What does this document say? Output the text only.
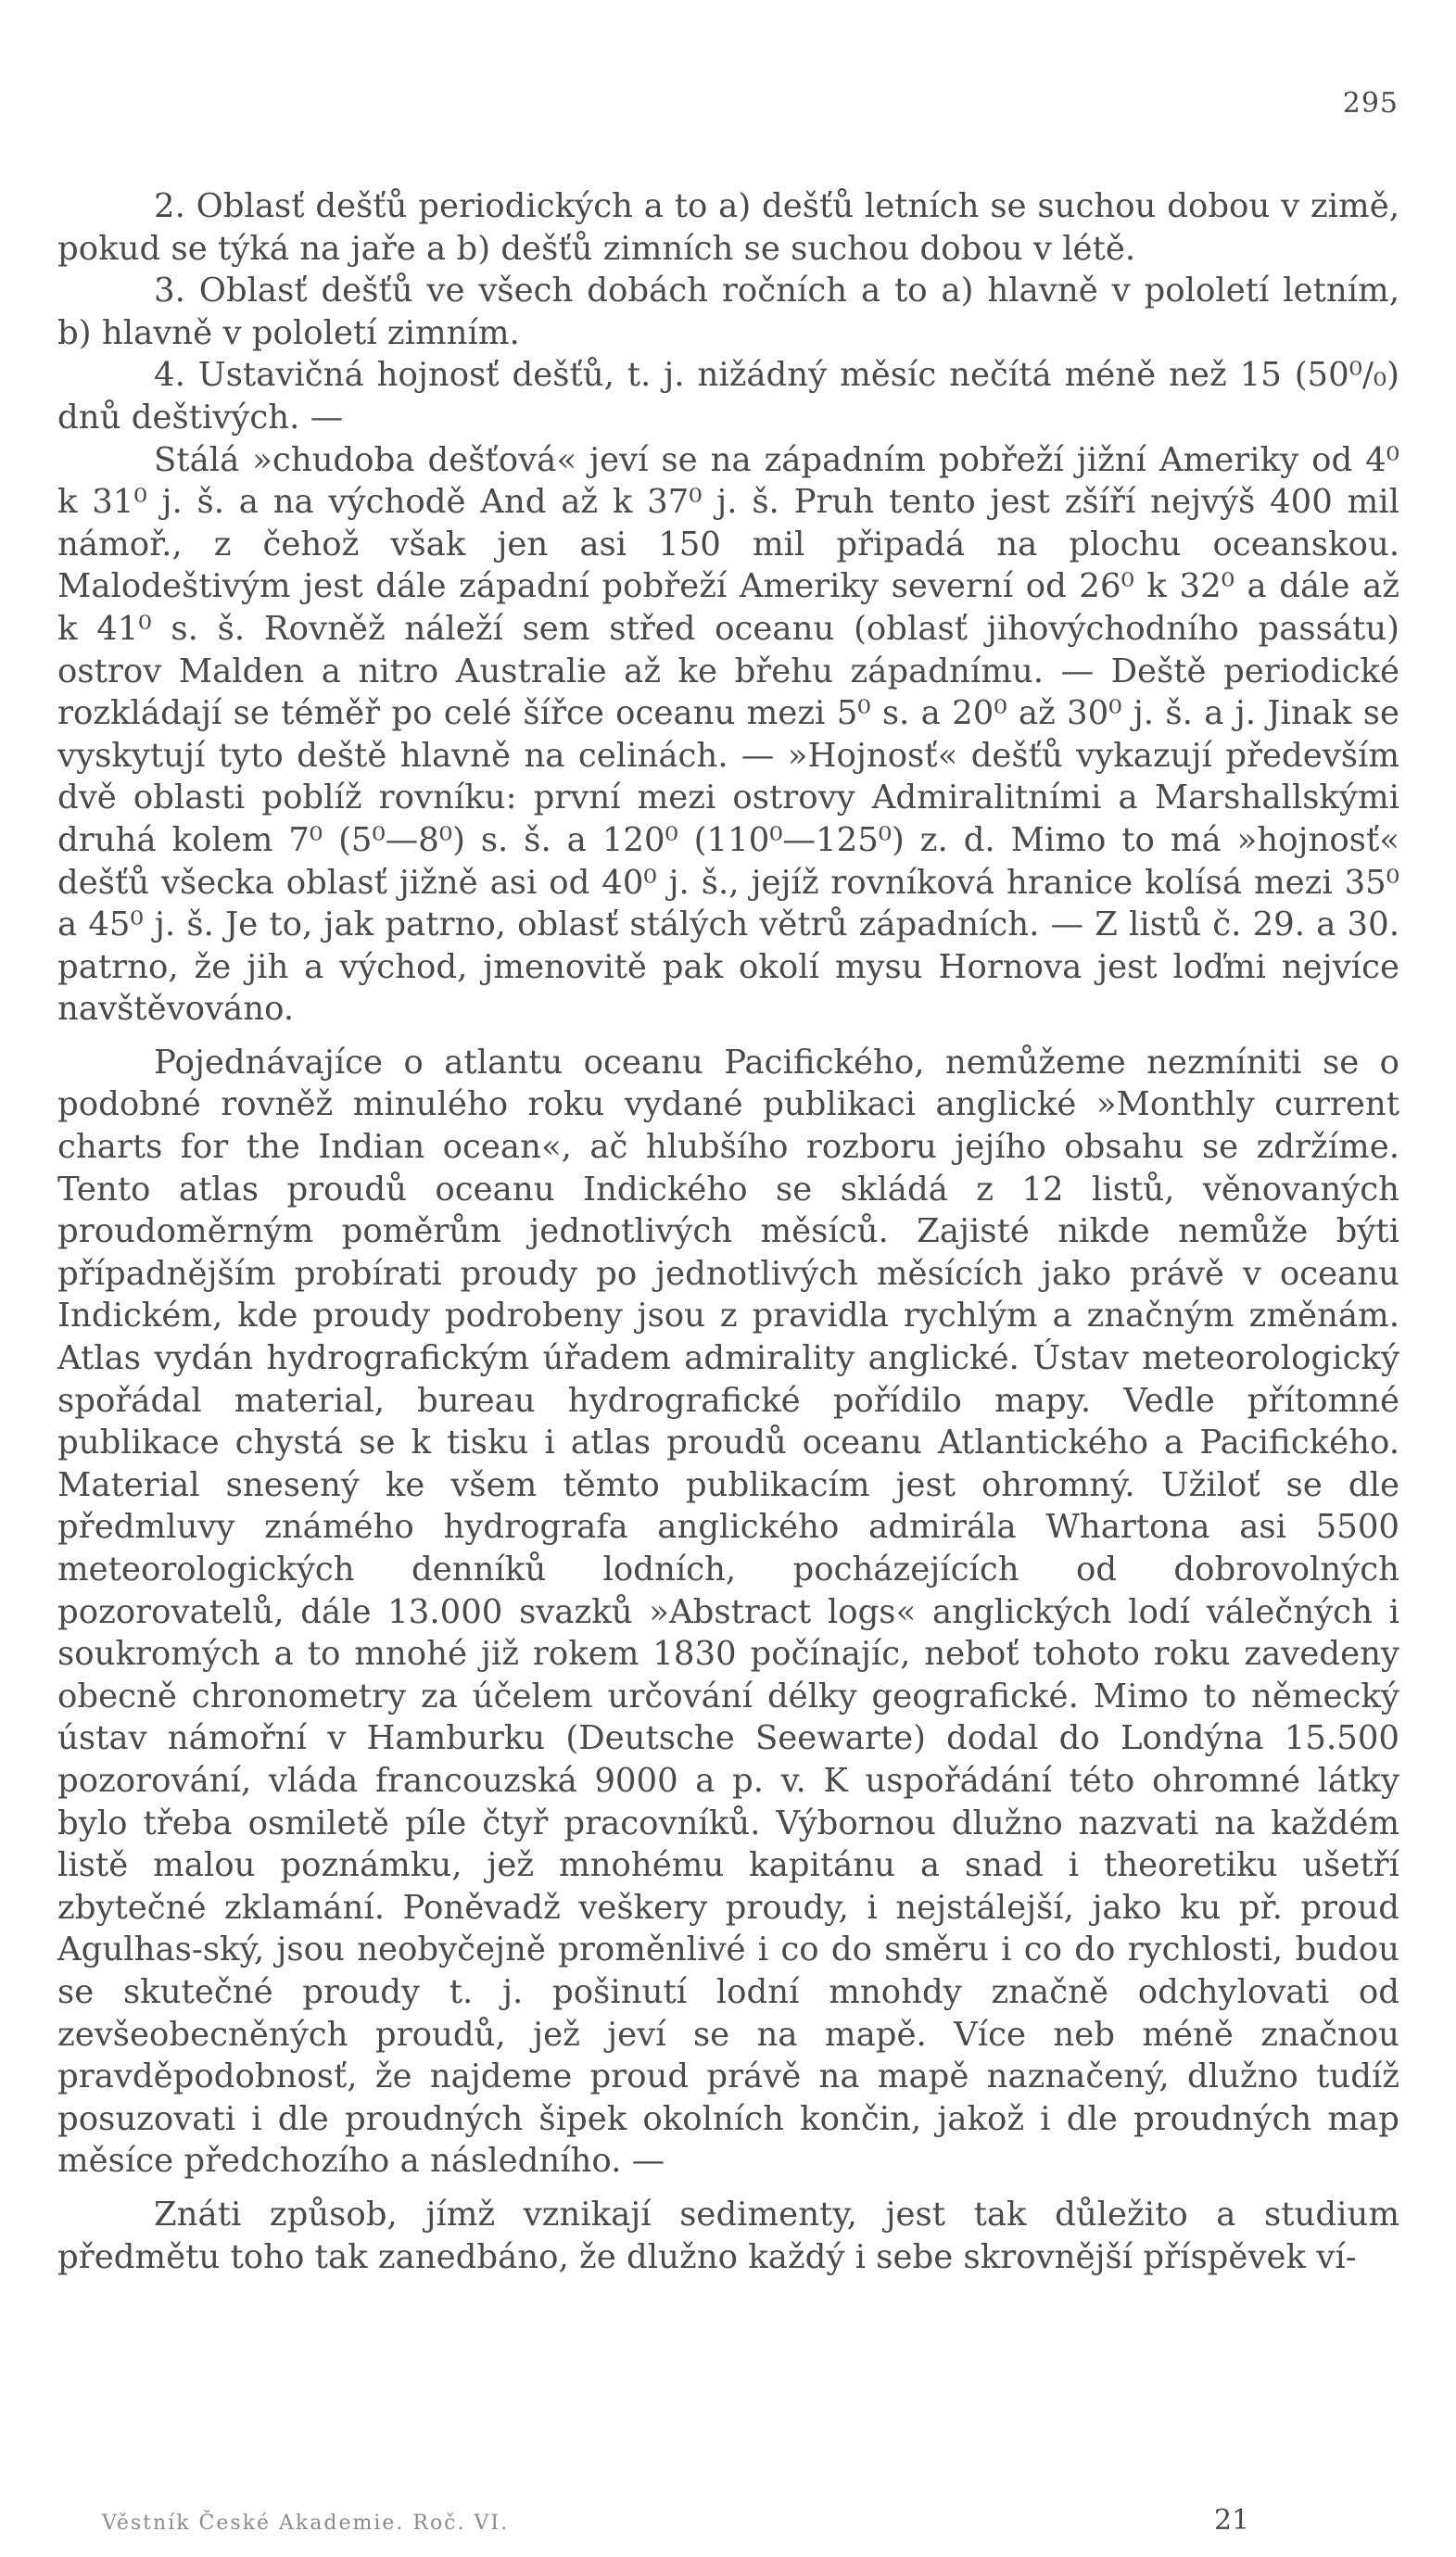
295

2. Oblasť dešťů periodických a to a) dešťů letních se suchou dobou v zimě, pokud se týká na jaře a b) dešťů zimních se suchou dobou v létě.

3. Oblasť dešťů ve všech dobách ročních a to a) hlavně v pololetí letním, b) hlavně v pololetí zimním.

4. Ustavičná hojnosť dešťů, t. j. nižádný měsíc nečítá méně než 15 (50⁰/₀) dnů deštivých. —

Stálá »chudoba dešťová« jeví se na západním pobřeží jižní Ameriky od 4⁰ k 31⁰ j. š. a na východě And až k 37⁰ j. š. Pruh tento jest zšíří nejvýš 400 mil námoř., z čehož však jen asi 150 mil připadá na plochu oceanskou. Malodeštivým jest dále západní pobřeží Ameriky severní od 26⁰ k 32⁰ a dále až k 41⁰ s. š. Rovněž náleží sem střed oceanu (oblasť jihovýchodního passátu) ostrov Malden a nitro Australie až ke břehu západnímu. — Deště periodické rozkládají se téměř po celé šířce oceanu mezi 5⁰ s. a 20⁰ až 30⁰ j. š. a j. Jinak se vyskytují tyto deště hlavně na celinách. — »Hojnosť« dešťů vykazují především dvě oblasti poblíž rovníku: první mezi ostrovy Admiralitními a Marshallskými druhá kolem 7⁰ (5⁰—8⁰) s. š. a 120⁰ (110⁰—125⁰) z. d. Mimo to má »hojnosť« dešťů všecka oblasť jižně asi od 40⁰ j. š., jejíž rovníková hranice kolísá mezi 35⁰ a 45⁰ j. š. Je to, jak patrno, oblasť stálých větrů západních. — Z listů č. 29. a 30. patrno, že jih a východ, jmenovitě pak okolí mysu Hornova jest loďmi nejvíce navštěvováno.

Pojednávajíce o atlantu oceanu Pacifického, nemůžeme nezmíniti se o podobné rovněž minulého roku vydané publikaci anglické »Monthly current charts for the Indian ocean«, ač hlubšího rozboru jejího obsahu se zdržíme. Tento atlas proudů oceanu Indického se skládá z 12 listů, věnovaných proudoměrným poměrům jednotlivých měsíců. Zajisté nikde nemůže býti případnějším probírati proudy po jednotlivých měsících jako právě v oceanu Indickém, kde proudy podrobeny jsou z pravidla rychlým a značným změnám. Atlas vydán hydrografickým úřadem admirality anglické. Ústav meteorologický spořádal material, bureau hydrografické pořídilo mapy. Vedle přítomné publikace chystá se k tisku i atlas proudů oceanu Atlantického a Pacifického. Material snesený ke všem těmto publikacím jest ohromný. Užiloť se dle předmluvy známého hydrografa anglického admirála Whartona asi 5500 meteorologických denníků lodních, pocházejících od dobrovolných pozorovatelů, dále 13.000 svazků »Abstract logs« anglických lodí válečných i soukromých a to mnohé již rokem 1830 počínajíc, neboť tohoto roku zavedeny obecně chronometry za účelem určování délky geografické. Mimo to německý ústav námořní v Hamburku (Deutsche Seewarte) dodal do Londýna 15.500 pozorování, vláda francouzská 9000 a p. v. K uspořádání této ohromné látky bylo třeba osmiletě píle čtyř pracovníků. Výbornou dlužno nazvati na každém listě malou poznámku, jež mnohému kapitánu a snad i theoretiku ušetří zbytečné zklamání. Poněvadž veškery proudy, i nejstálejší, jako ku př. proud Agulhas-ský, jsou neobyčejně proměnlivé i co do směru i co do rychlosti, budou se skutečné proudy t. j. pošinutí lodní mnohdy značně odchylovati od zevšeobecněných proudů, jež jeví se na mapě. Více neb méně značnou pravděpodobnosť, že najdeme proud právě na mapě naznačený, dlužno tudíž posuzovati i dle proudných šipek okolních končin, jakož i dle proudných map měsíce předchozího a následního. —

Znáti způsob, jímž vznikají sedimenty, jest tak důležito a studium předmětu toho tak zanedbáno, že dlužno každý i sebe skrovnější příspěvek ví-

Věstník České Akademie. Roč. VI.	21
